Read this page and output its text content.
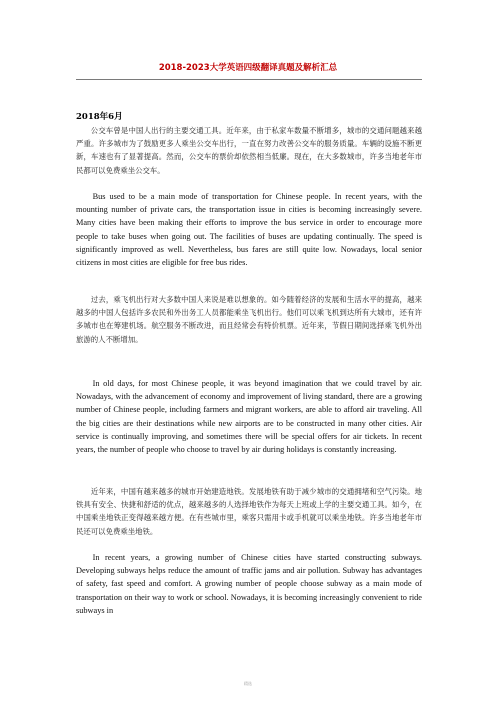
2018-2023大学英语四级翻译真题及解析汇总
2018年6月

公交车曾是中国人出行的主要交通工具。近年来，由于私家车数量不断增多，城市的交通问题越来越严重。许多城市为了鼓励更多人乘坐公交车出行，一直在努力改善公交车的服务质量。车辆的设施不断更新，车速也有了显著提高。然而，公交车的票价却依然相当低廉。现在，在大多数城市，许多当地老年市民都可以免费乘坐公交车。

Bus used to be a main mode of transportation for Chinese people. In recent years, with the mounting number of private cars, the transportation issue in cities is becoming increasingly severe. Many cities have been making their efforts to improve the bus service in order to encourage more people to take buses when going out. The facilities of buses are updating continually. The speed is significantly improved as well. Nevertheless, bus fares are still quite low. Nowadays, local senior citizens in most cities are eligible for free bus rides.

过去，乘飞机出行对大多数中国人来说是难以想象的。如今随着经济的发展和生活水平的提高，越来越多的中国人包括许多农民和外出务工人员都能乘坐飞机出行。他们可以乘飞机到达所有大城市，还有许多城市也在筹建机场。航空服务不断改进，而且经常会有特价机票。近年来，节假日期间选择乘飞机外出旅游的人不断增加。

In old days, for most Chinese people, it was beyond imagination that we could travel by air. Nowadays, with the advancement of economy and improvement of living standard, there are a growing number of Chinese people, including farmers and migrant workers, are able to afford air traveling. All the big cities are their destinations while new airports are to be constructed in many other cities. Air service is continually improving, and sometimes there will be special offers for air tickets. In recent years, the number of people who choose to travel by air during holidays is constantly increasing.

近年来，中国有越来越多的城市开始建造地铁。发展地铁有助于减少城市的交通拥堵和空气污染。地铁具有安全、快捷和舒适的优点，越来越多的人选择地铁作为每天上班或上学的主要交通工具。如今，在中国乘坐地铁正变得越来越方便。在有些城市里，乘客只需用卡或手机就可以乘坐地铁。许多当地老年市民还可以免费乘坐地铁。

In recent years, a growing number of Chinese cities have started constructing subways. Developing subways helps reduce the amount of traffic jams and air pollution. Subway has advantages of safety, fast speed and comfort. A growing number of people choose subway as a main mode of transportation on their way to work or school. Nowadays, it is becoming increasingly convenient to ride subways in

精选
